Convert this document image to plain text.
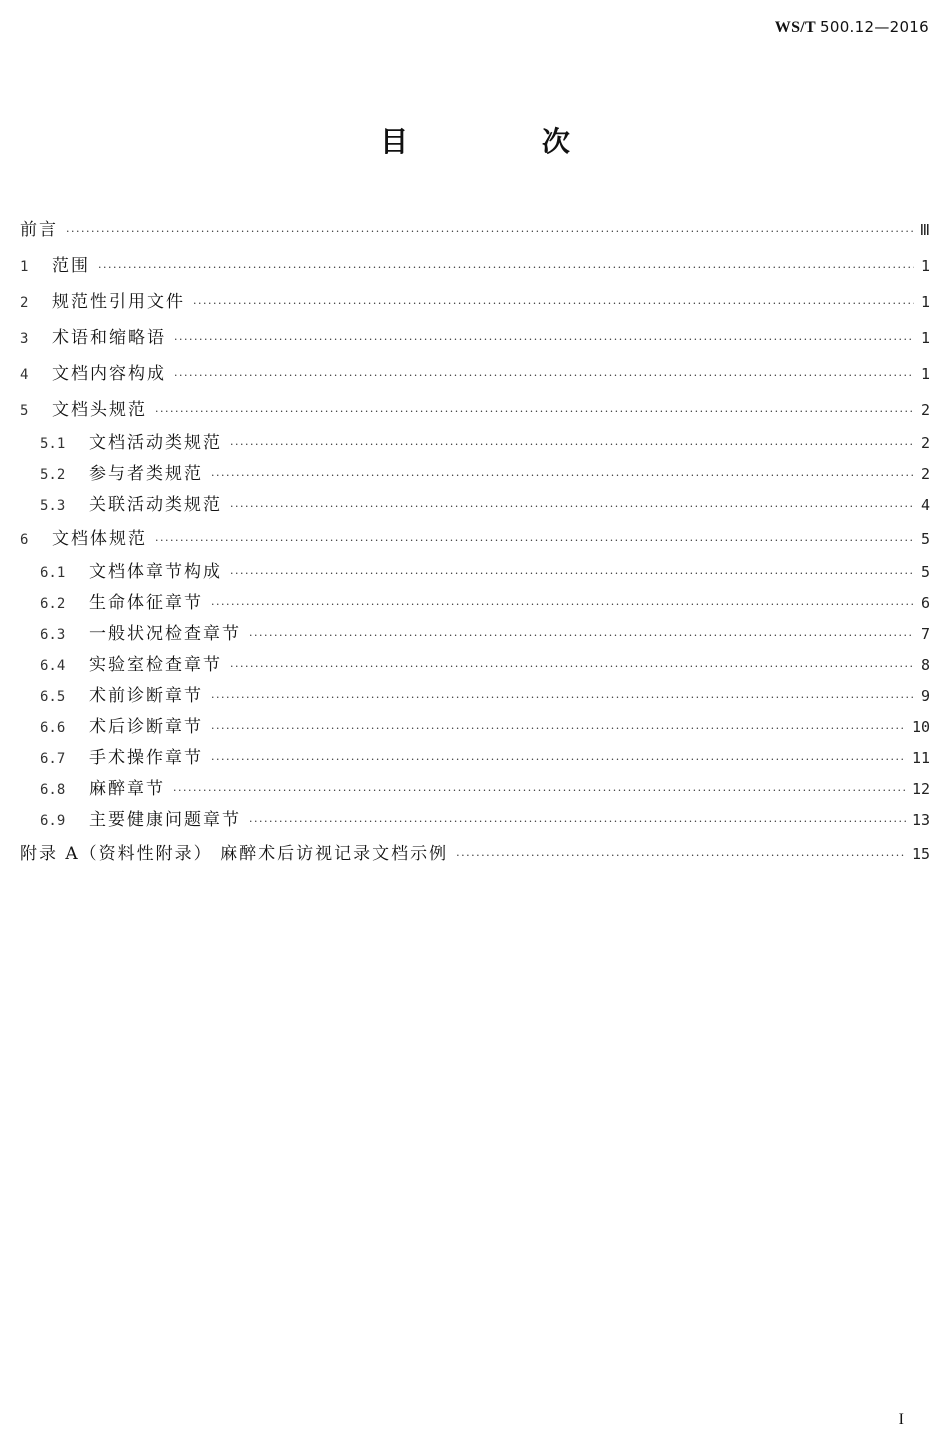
WS/T 500.12—2016
目 次
前言 ·····	Ⅲ
1	范围 ·····	1
2	规范性引用文件 ·····	1
3	术语和缩略语 ·····	1
4	文档内容构成 ·····	1
5	文档头规范 ·····	2
5.1	文档活动类规范 ·····	2
5.2	参与者类规范 ·····	2
5.3	关联活动类规范 ·····	4
6	文档体规范 ·····	5
6.1	文档体章节构成 ·····	5
6.2	生命体征章节 ·····	6
6.3	一般状况检查章节 ·····	7
6.4	实验室检查章节 ·····	8
6.5	术前诊断章节 ·····	9
6.6	术后诊断章节 ·····	10
6.7	手术操作章节 ·····	11
6.8	麻醉章节 ·····	12
6.9	主要健康问题章节 ·····	13
附录 A（资料性附录） 麻醉术后访视记录文档示例 ·····	15
I
